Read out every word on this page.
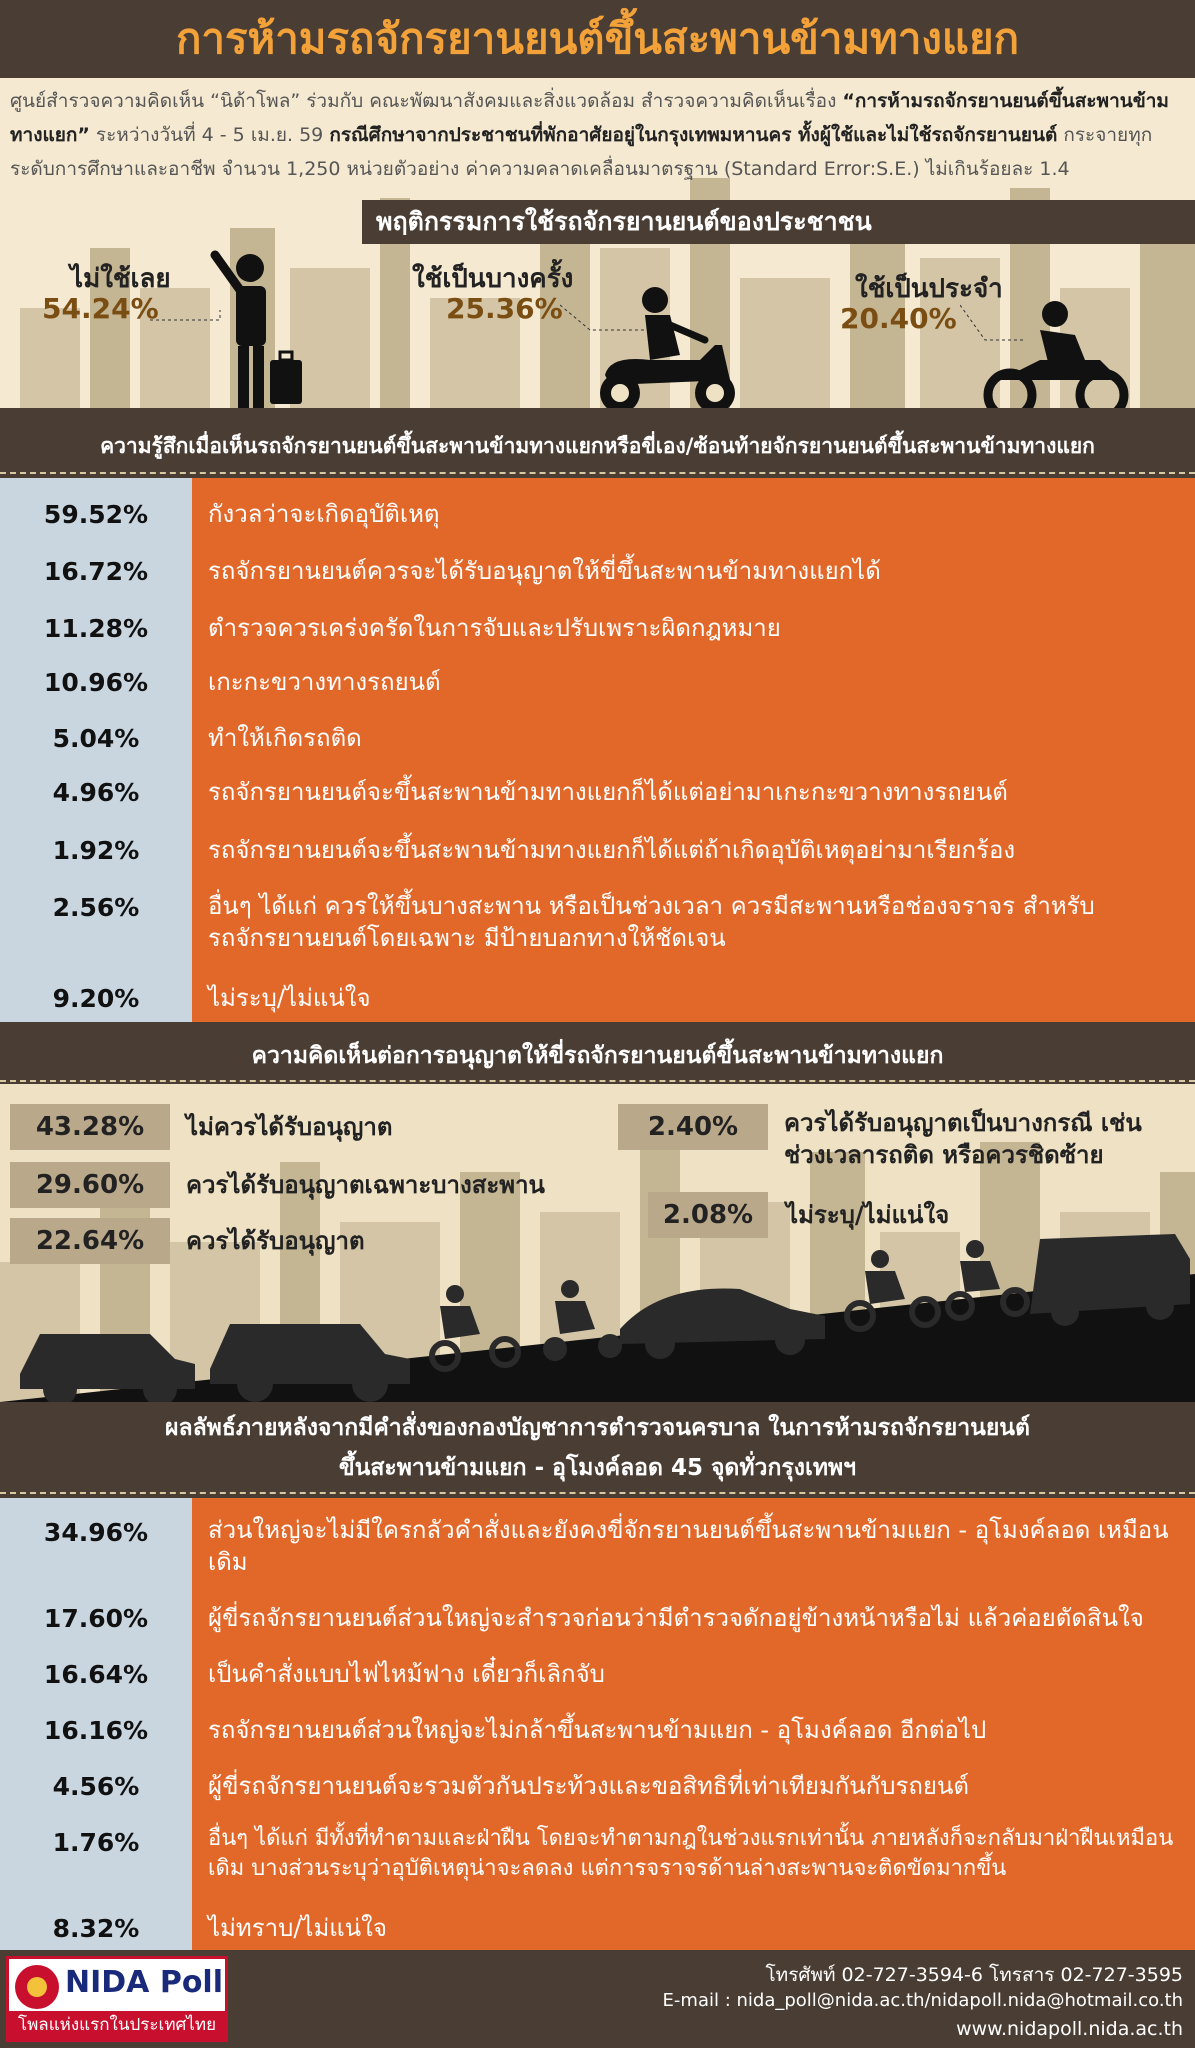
การห้ามรถจักรยานยนต์ขึ้นสะพานข้ามทางแยก
ศูนย์สำรวจความคิดเห็น “นิด้าโพล” ร่วมกับ คณะพัฒนาสังคมและสิ่งแวดล้อม สำรวจความคิดเห็นเรื่อง “การห้ามรถจักรยานยนต์ขึ้นสะพานข้ามทางแยก” ระหว่างวันที่ 4 - 5 เม.ย. 59 กรณีศึกษาจากประชาชนที่พักอาศัยอยู่ในกรุงเทพมหานคร ทั้งผู้ใช้และไม่ใช้รถจักรยานยนต์ กระจายทุกระดับการศึกษาและอาชีพ จำนวน 1,250 หน่วยตัวอย่าง ค่าความคลาดเคลื่อนมาตรฐาน (Standard Error:S.E.) ไม่เกินร้อยละ 1.4
พฤติกรรมการใช้รถจักรยานยนต์ของประชาชน
ไม่ใช้เลย
54.24%
ใช้เป็นบางครั้ง
25.36%
ใช้เป็นประจำ
20.40%
ความรู้สึกเมื่อเห็นรถจักรยานยนต์ขึ้นสะพานข้ามทางแยกหรือขี่เอง/ซ้อนท้ายจักรยานยนต์ขึ้นสะพานข้ามทางแยก
59.52%	กังวลว่าจะเกิดอุบัติเหตุ
16.72%	รถจักรยานยนต์ควรจะได้รับอนุญาตให้ขี่ขึ้นสะพานข้ามทางแยกได้
11.28%	ตำรวจควรเคร่งครัดในการจับและปรับเพราะผิดกฎหมาย
10.96%	เกะกะขวางทางรถยนต์
5.04%	ทำให้เกิดรถติด
4.96%	รถจักรยานยนต์จะขึ้นสะพานข้ามทางแยกก็ได้แต่อย่ามาเกะกะขวางทางรถยนต์
1.92%	รถจักรยานยนต์จะขึ้นสะพานข้ามทางแยกก็ได้แต่ถ้าเกิดอุบัติเหตุอย่ามาเรียกร้อง
2.56%	อื่นๆ ได้แก่ ควรให้ขึ้นบางสะพาน หรือเป็นช่วงเวลา ควรมีสะพานหรือช่องจราจร สำหรับรถจักรยานยนต์โดยเฉพาะ มีป้ายบอกทางให้ชัดเจน
9.20%	ไม่ระบุ/ไม่แน่ใจ
ความคิดเห็นต่อการอนุญาตให้ขี่รถจักรยานยนต์ขึ้นสะพานข้ามทางแยก
43.28%	ไม่ควรได้รับอนุญาต
29.60%	ควรได้รับอนุญาตเฉพาะบางสะพาน
22.64%	ควรได้รับอนุญาต
2.40%	ควรได้รับอนุญาตเป็นบางกรณี เช่น ช่วงเวลารถติด หรือควรชิดซ้าย
2.08%	ไม่ระบุ/ไม่แน่ใจ
ผลลัพธ์ภายหลังจากมีคำสั่งของกองบัญชาการตำรวจนครบาล ในการห้ามรถจักรยานยนต์
ขึ้นสะพานข้ามแยก - อุโมงค์ลอด 45 จุดทั่วกรุงเทพฯ
34.96%	ส่วนใหญ่จะไม่มีใครกลัวคำสั่งและยังคงขี่จักรยานยนต์ขึ้นสะพานข้ามแยก - อุโมงค์ลอด เหมือนเดิม
17.60%	ผู้ขี่รถจักรยานยนต์ส่วนใหญ่จะสำรวจก่อนว่ามีตำรวจดักอยู่ข้างหน้าหรือไม่ แล้วค่อยตัดสินใจ
16.64%	เป็นคำสั่งแบบไฟไหม้ฟาง เดี๋ยวก็เลิกจับ
16.16%	รถจักรยานยนต์ส่วนใหญ่จะไม่กล้าขึ้นสะพานข้ามแยก - อุโมงค์ลอด อีกต่อไป
4.56%	ผู้ขี่รถจักรยานยนต์จะรวมตัวกันประท้วงและขอสิทธิที่เท่าเทียมกันกับรถยนต์
1.76%	อื่นๆ ได้แก่ มีทั้งที่ทำตามและฝ่าฝืน โดยจะทำตามกฎในช่วงแรกเท่านั้น ภายหลังก็จะกลับมาฝ่าฝืนเหมือนเดิม บางส่วนระบุว่าอุบัติเหตุน่าจะลดลง แต่การจราจรด้านล่างสะพานจะติดขัดมากขึ้น
8.32%	ไม่ทราบ/ไม่แน่ใจ
NIDA Poll
โพลแห่งแรกในประเทศไทย
โทรศัพท์ 02-727-3594-6 โทรสาร 02-727-3595
E-mail : nida_poll@nida.ac.th/nidapoll.nida@hotmail.co.th
www.nidapoll.nida.ac.th
